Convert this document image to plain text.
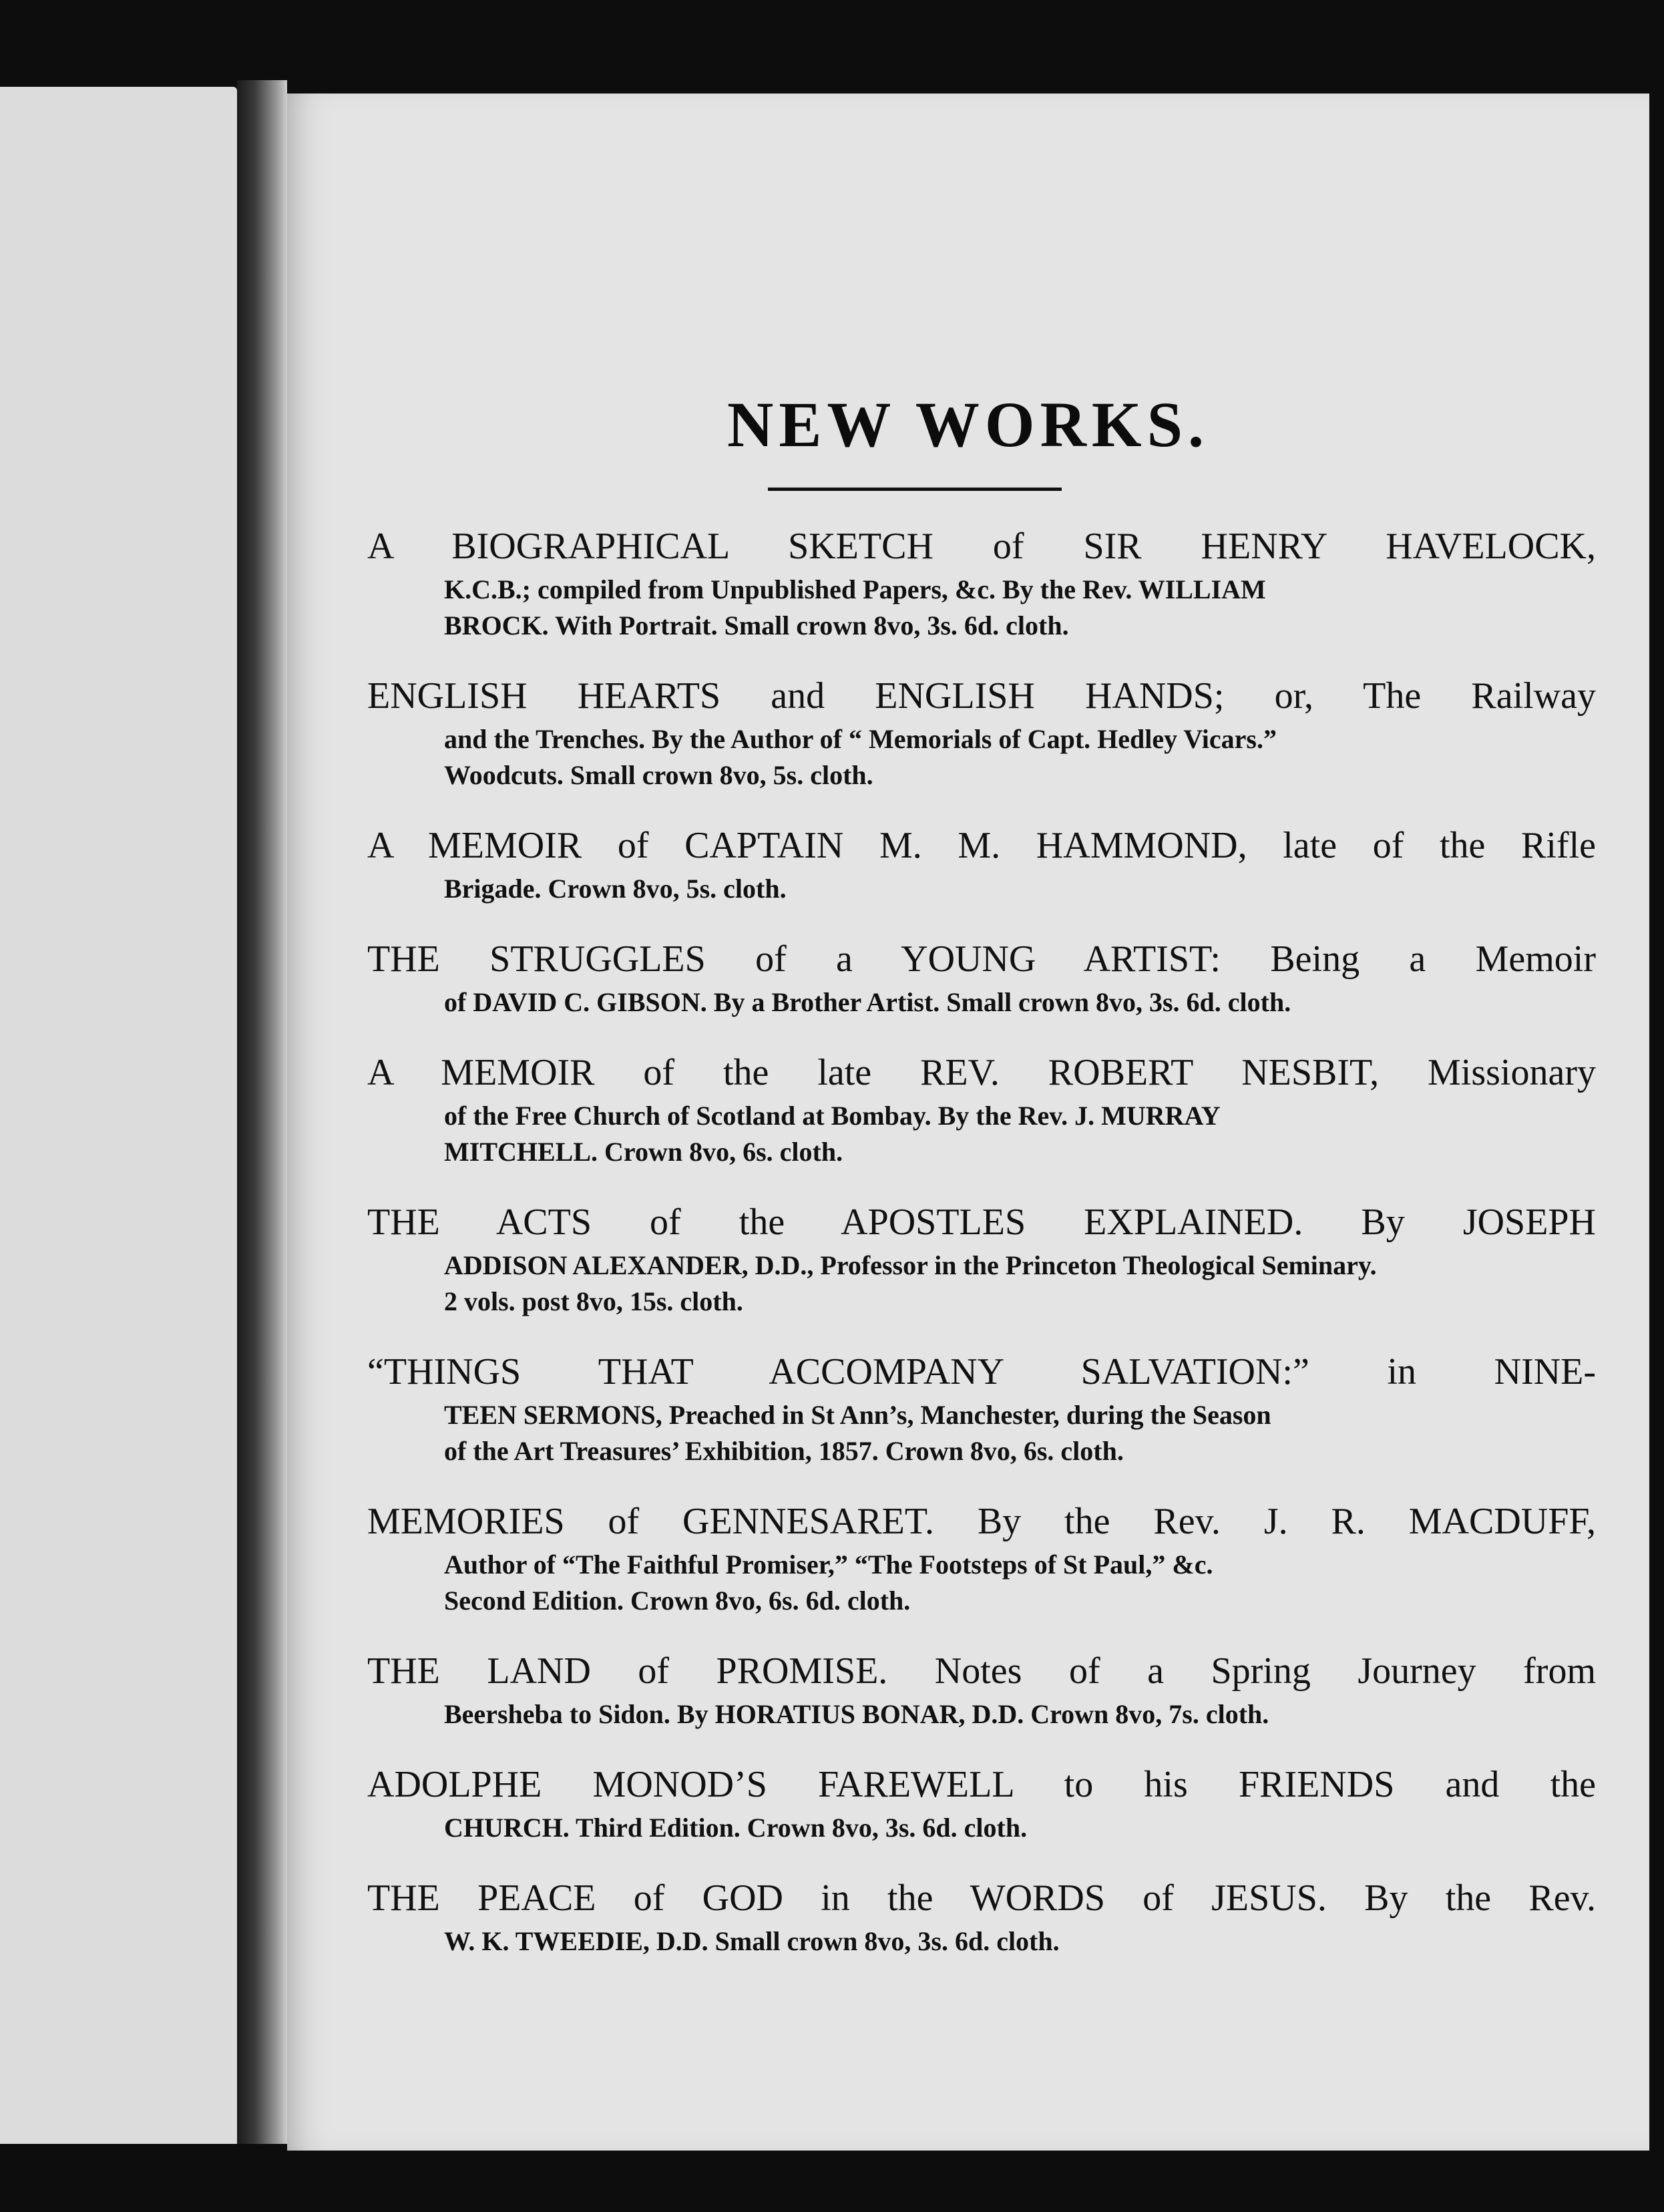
NEW WORKS.
A BIOGRAPHICAL SKETCH of SIR HENRY HAVELOCK,
K.C.B.; compiled from Unpublished Papers, &c. By the Rev. WILLIAM
BROCK. With Portrait. Small crown 8vo, 3s. 6d. cloth.
ENGLISH HEARTS and ENGLISH HANDS; or, The Railway
and the Trenches. By the Author of “ Memorials of Capt. Hedley Vicars.”
Woodcuts. Small crown 8vo, 5s. cloth.
A MEMOIR of CAPTAIN M. M. HAMMOND, late of the Rifle
Brigade. Crown 8vo, 5s. cloth.
THE STRUGGLES of a YOUNG ARTIST: Being a Memoir
of DAVID C. GIBSON. By a Brother Artist. Small crown 8vo, 3s. 6d. cloth.
A MEMOIR of the late REV. ROBERT NESBIT, Missionary
of the Free Church of Scotland at Bombay. By the Rev. J. MURRAY
MITCHELL. Crown 8vo, 6s. cloth.
THE ACTS of the APOSTLES EXPLAINED. By JOSEPH
ADDISON ALEXANDER, D.D., Professor in the Princeton Theological Seminary.
2 vols. post 8vo, 15s. cloth.
“THINGS THAT ACCOMPANY SALVATION:” in NINE-
TEEN SERMONS, Preached in St Ann’s, Manchester, during the Season
of the Art Treasures’ Exhibition, 1857. Crown 8vo, 6s. cloth.
MEMORIES of GENNESARET. By the Rev. J. R. MACDUFF,
Author of “The Faithful Promiser,” “The Footsteps of St Paul,” &c.
Second Edition. Crown 8vo, 6s. 6d. cloth.
THE LAND of PROMISE. Notes of a Spring Journey from
Beersheba to Sidon. By HORATIUS BONAR, D.D. Crown 8vo, 7s. cloth.
ADOLPHE MONOD’S FAREWELL to his FRIENDS and the
CHURCH. Third Edition. Crown 8vo, 3s. 6d. cloth.
THE PEACE of GOD in the WORDS of JESUS. By the Rev.
W. K. TWEEDIE, D.D. Small crown 8vo, 3s. 6d. cloth.
